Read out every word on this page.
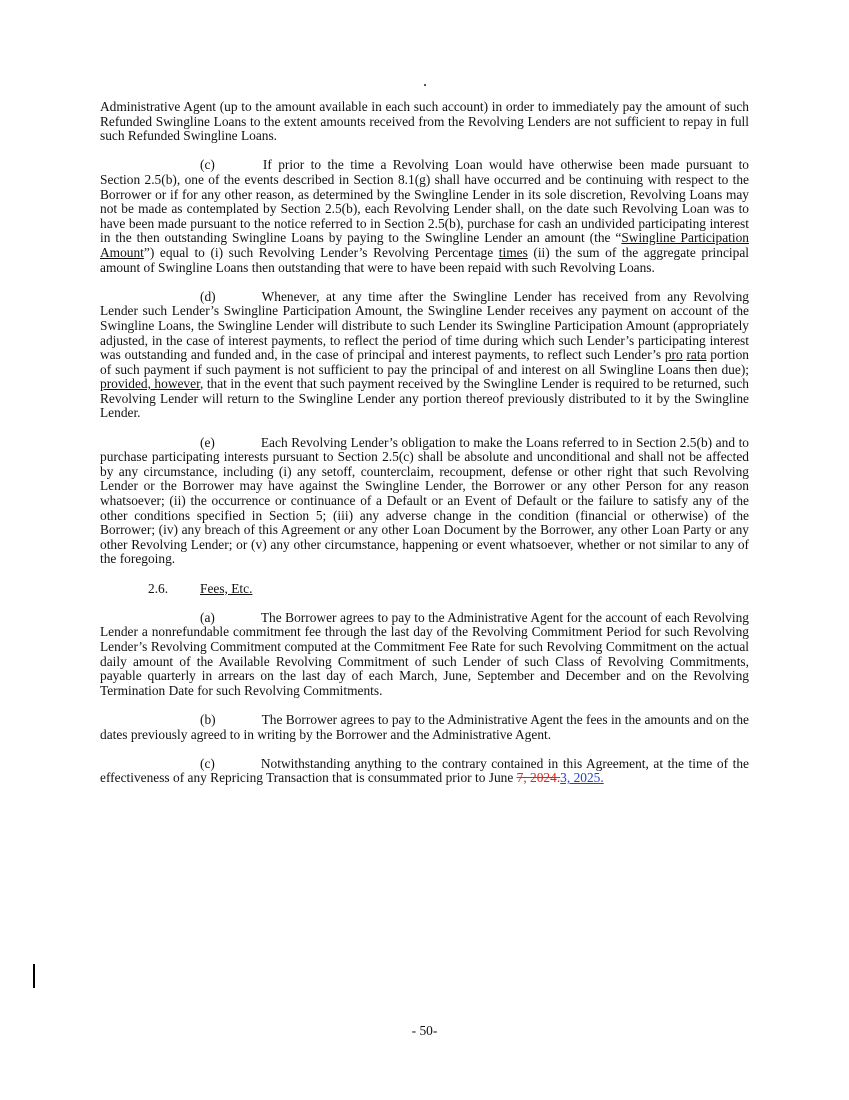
Administrative Agent (up to the amount available in each such account) in order to immediately pay the amount of such Refunded Swingline Loans to the extent amounts received from the Revolving Lenders are not sufficient to repay in full such Refunded Swingline Loans.

(c)	If prior to the time a Revolving Loan would have otherwise been made pursuant to Section 2.5(b), one of the events described in Section 8.1(g) shall have occurred and be continuing with respect to the Borrower or if for any other reason, as determined by the Swingline Lender in its sole discretion, Revolving Loans may not be made as contemplated by Section 2.5(b), each Revolving Lender shall, on the date such Revolving Loan was to have been made pursuant to the notice referred to in Section 2.5(b), purchase for cash an undivided participating interest in the then outstanding Swingline Loans by paying to the Swingline Lender an amount (the “Swingline Participation Amount”) equal to (i) such Revolving Lender’s Revolving Percentage times (ii) the sum of the aggregate principal amount of Swingline Loans then outstanding that were to have been repaid with such Revolving Loans.

(d)	Whenever, at any time after the Swingline Lender has received from any Revolving Lender such Lender’s Swingline Participation Amount, the Swingline Lender receives any payment on account of the Swingline Loans, the Swingline Lender will distribute to such Lender its Swingline Participation Amount (appropriately adjusted, in the case of interest payments, to reflect the period of time during which such Lender’s participating interest was outstanding and funded and, in the case of principal and interest payments, to reflect such Lender’s pro rata portion of such payment if such payment is not sufficient to pay the principal of and interest on all Swingline Loans then due); provided, however, that in the event that such payment received by the Swingline Lender is required to be returned, such Revolving Lender will return to the Swingline Lender any portion thereof previously distributed to it by the Swingline Lender.

(e)	Each Revolving Lender’s obligation to make the Loans referred to in Section 2.5(b) and to purchase participating interests pursuant to Section 2.5(c) shall be absolute and unconditional and shall not be affected by any circumstance, including (i) any setoff, counterclaim, recoupment, defense or other right that such Revolving Lender or the Borrower may have against the Swingline Lender, the Borrower or any other Person for any reason whatsoever; (ii) the occurrence or continuance of a Default or an Event of Default or the failure to satisfy any of the other conditions specified in Section 5; (iii) any adverse change in the condition (financial or otherwise) of the Borrower; (iv) any breach of this Agreement or any other Loan Document by the Borrower, any other Loan Party or any other Revolving Lender; or (v) any other circumstance, happening or event whatsoever, whether or not similar to any of the foregoing.

2.6. Fees, Etc.

(a)	The Borrower agrees to pay to the Administrative Agent for the account of each Revolving Lender a nonrefundable commitment fee through the last day of the Revolving Commitment Period for such Revolving Lender’s Revolving Commitment computed at the Commitment Fee Rate for such Revolving Commitment on the actual daily amount of the Available Revolving Commitment of such Lender of such Class of Revolving Commitments, payable quarterly in arrears on the last day of each March, June, September and December and on the Revolving Termination Date for such Revolving Commitments.

(b)	The Borrower agrees to pay to the Administrative Agent the fees in the amounts and on the dates previously agreed to in writing by the Borrower and the Administrative Agent.

(c)	Notwithstanding anything to the contrary contained in this Agreement, at the time of the effectiveness of any Repricing Transaction that is consummated prior to June 7, 2024.3, 2025.

- 50-
